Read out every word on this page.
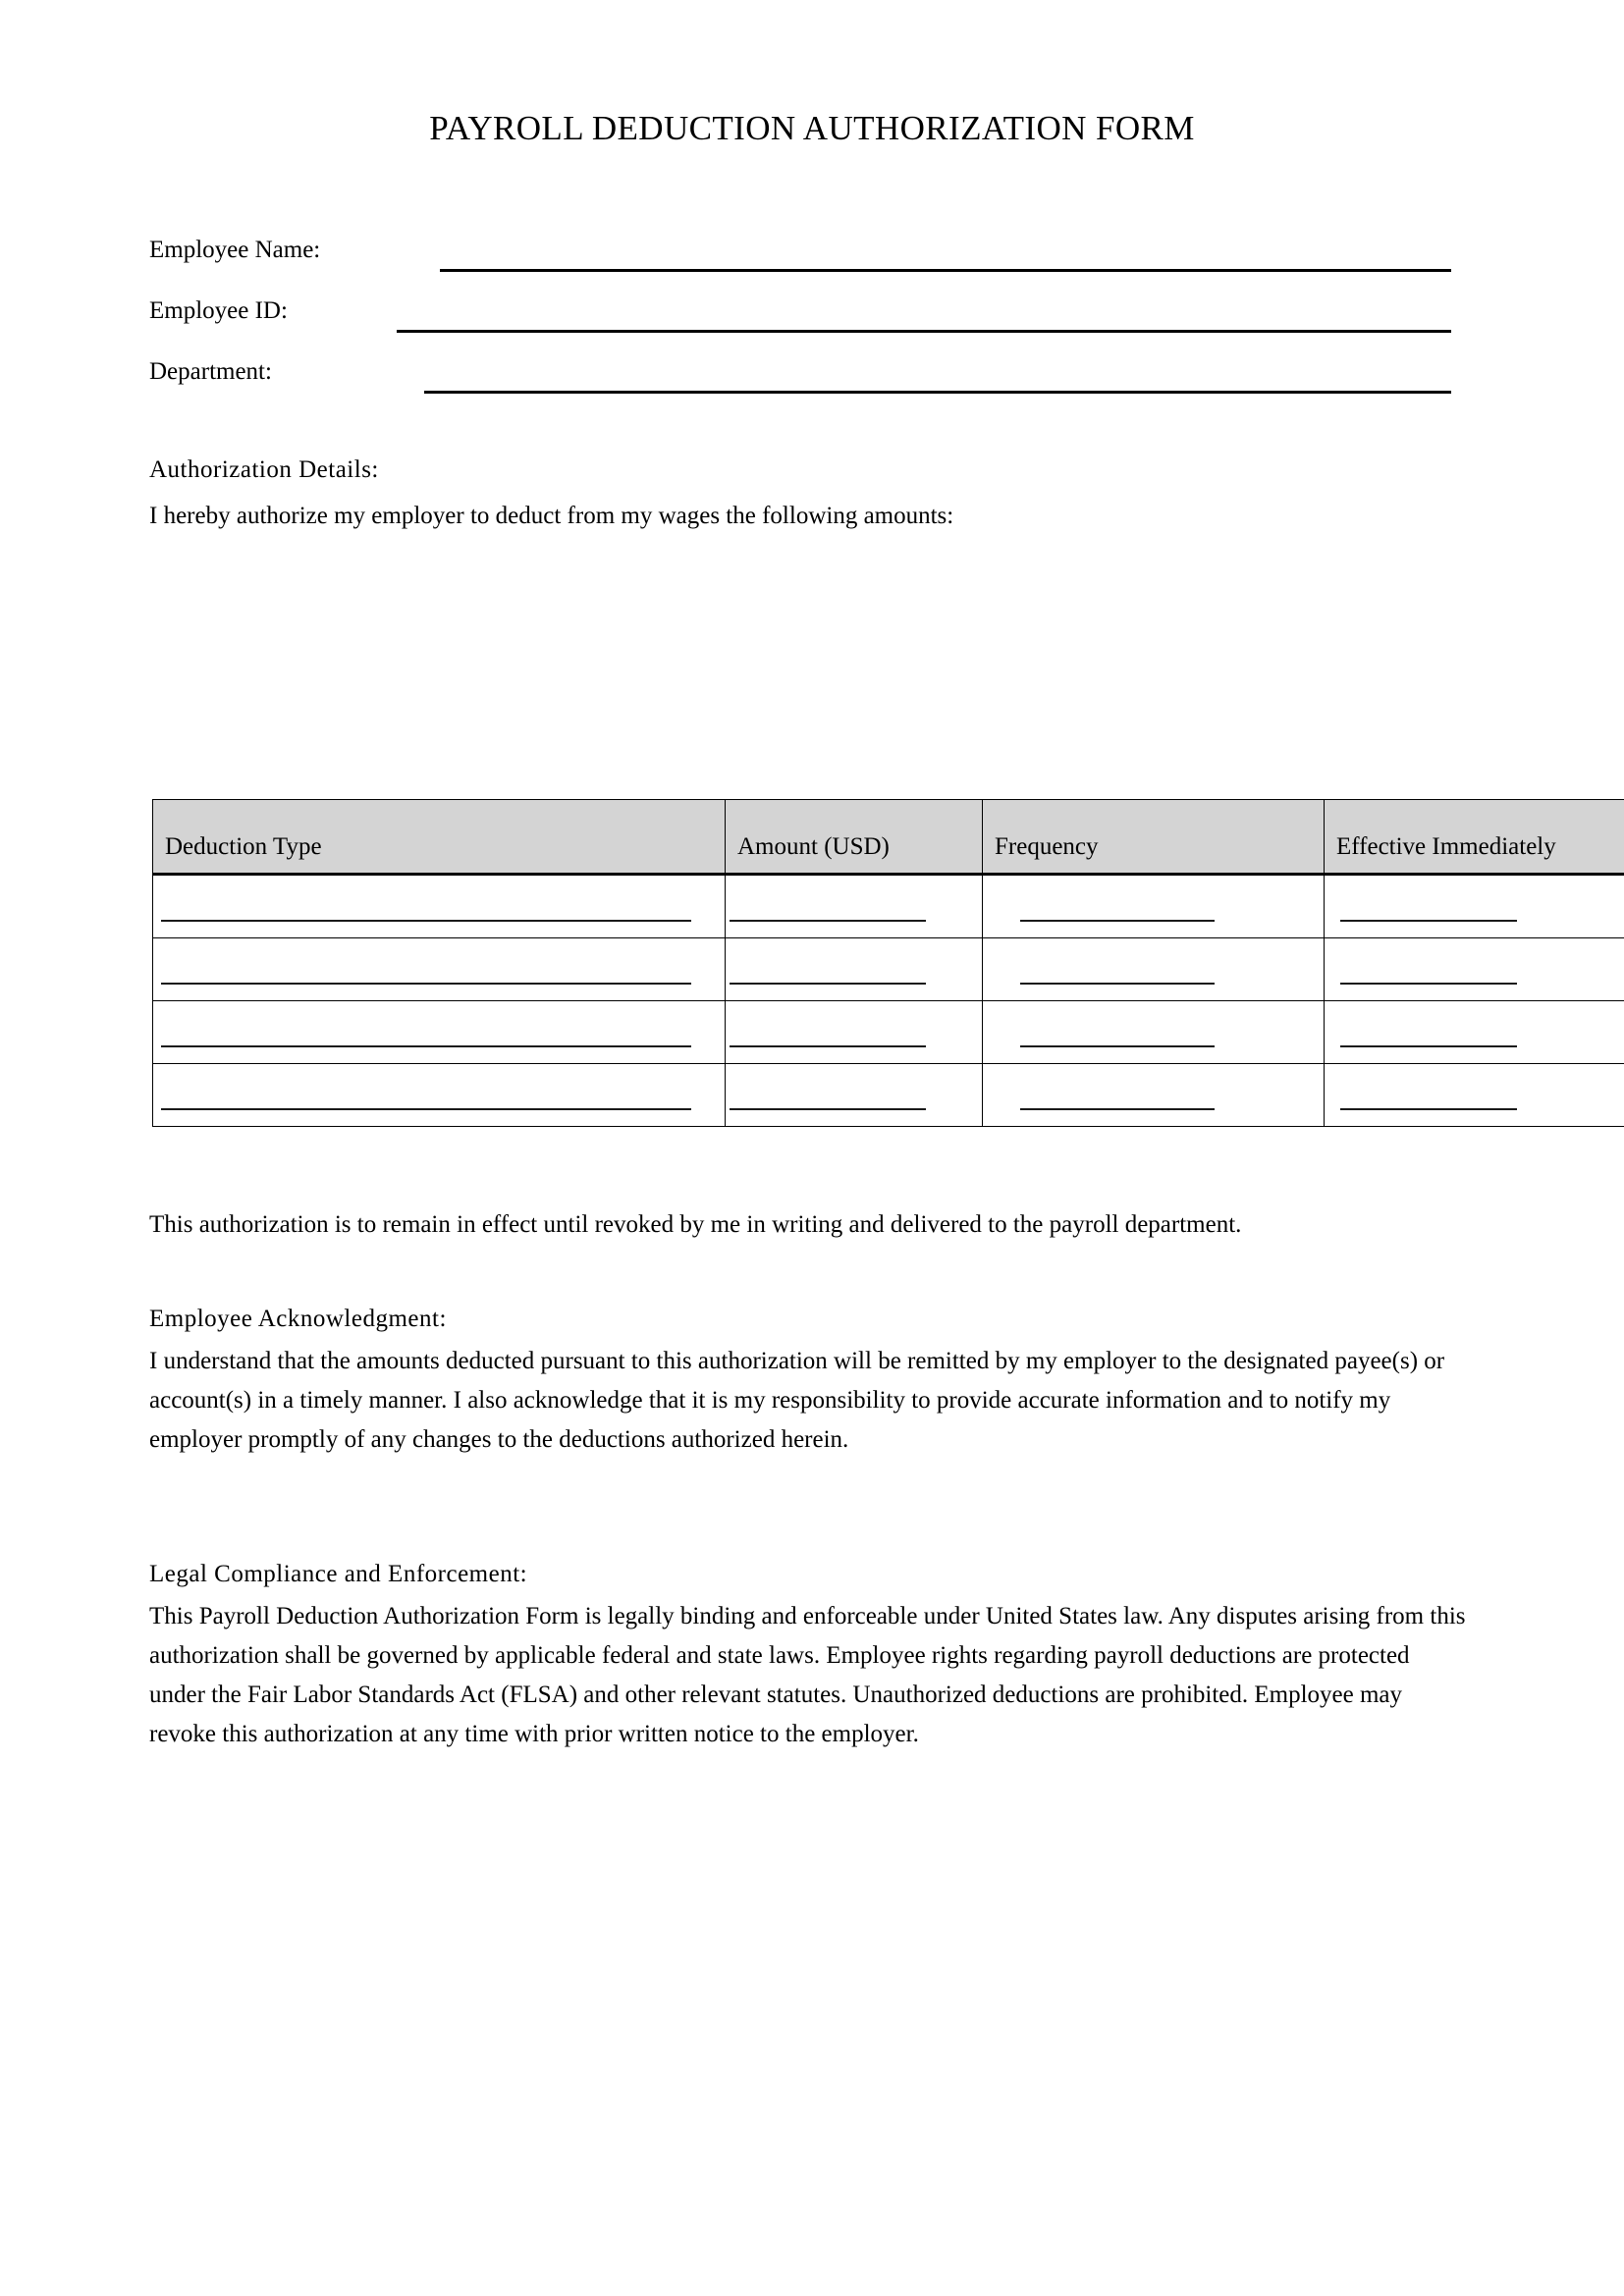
PAYROLL DEDUCTION AUTHORIZATION FORM
Employee Name:
Employee ID:
Department:
Authorization Details:
I hereby authorize my employer to deduct from my wages the following amounts:
Deduction Type	Amount (USD)	Frequency	Effective Immediately

This authorization is to remain in effect until revoked by me in writing and delivered to the payroll department.
Employee Acknowledgment:
I understand that the amounts deducted pursuant to this authorization will be remitted by my employer to the designated payee(s) or account(s) in a timely manner. I also acknowledge that it is my responsibility to provide accurate information and to notify my employer promptly of any changes to the deductions authorized herein.
Legal Compliance and Enforcement:
This Payroll Deduction Authorization Form is legally binding and enforceable under United States law. Any disputes arising from this authorization shall be governed by applicable federal and state laws. Employee rights regarding payroll deductions are protected under the Fair Labor Standards Act (FLSA) and other relevant statutes. Unauthorized deductions are prohibited. Employee may revoke this authorization at any time with prior written notice to the employer.
